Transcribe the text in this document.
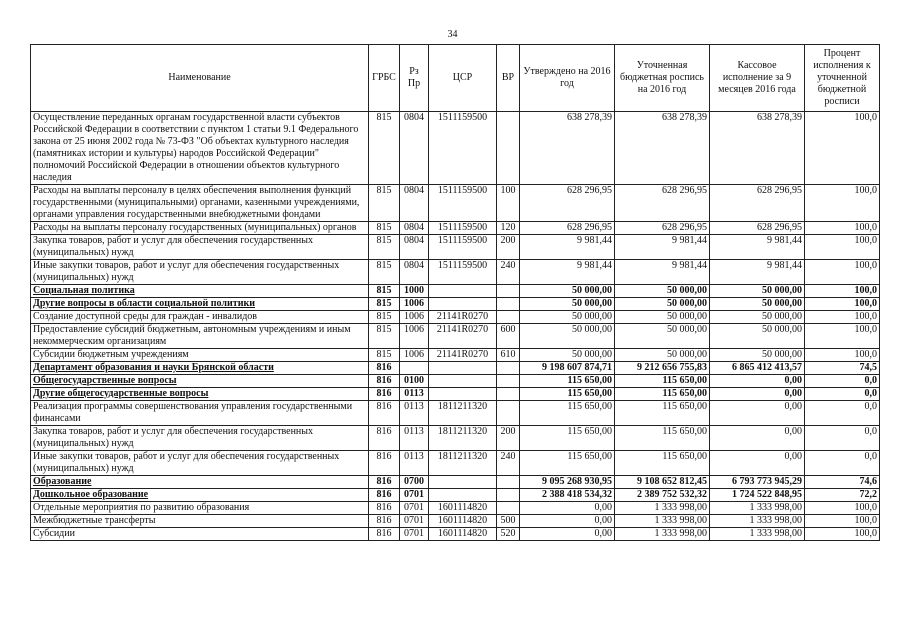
34
Наименование	ГРБС	Рз Пр	ЦСР	ВР	Утверждено на 2016 год	Уточненная бюджетная роспись на 2016 год	Кассовое исполнение за 9 месяцев 2016 года	Процент исполнения к уточненной бюджетной росписи
Осуществление переданных органам государственной власти субъектов Российской Федерации в соответствии с пунктом 1 статьи 9.1 Федерального закона от 25 июня 2002 года № 73-ФЗ "Об объектах культурного наследия (памятниках истории и культуры) народов Российской Федерации" полномочий Российской Федерации в отношении объектов культурного наследия	815	0804	1511159500		638 278,39	638 278,39	638 278,39	100,0
Расходы на выплаты персоналу в целях обеспечения выполнения функций государственными (муниципальными) органами, казенными учреждениями, органами управления государственными внебюджетными фондами	815	0804	1511159500	100	628 296,95	628 296,95	628 296,95	100,0
Расходы на выплаты персоналу государственных (муниципальных) органов	815	0804	1511159500	120	628 296,95	628 296,95	628 296,95	100,0
Закупка товаров, работ и услуг для обеспечения государственных (муниципальных) нужд	815	0804	1511159500	200	9 981,44	9 981,44	9 981,44	100,0
Иные закупки товаров, работ и услуг для обеспечения государственных (муниципальных) нужд	815	0804	1511159500	240	9 981,44	9 981,44	9 981,44	100,0
Социальная политика	815	1000			50 000,00	50 000,00	50 000,00	100,0
Другие вопросы в области социальной политики	815	1006			50 000,00	50 000,00	50 000,00	100,0
Создание доступной среды для граждан - инвалидов	815	1006	21141R0270		50 000,00	50 000,00	50 000,00	100,0
Предоставление субсидий бюджетным, автономным учреждениям и иным некоммерческим организациям	815	1006	21141R0270	600	50 000,00	50 000,00	50 000,00	100,0
Субсидии бюджетным учреждениям	815	1006	21141R0270	610	50 000,00	50 000,00	50 000,00	100,0
Департамент образования и науки Брянской области	816				9 198 607 874,71	9 212 656 755,83	6 865 412 413,57	74,5
Общегосударственные вопросы	816	0100			115 650,00	115 650,00	0,00	0,0
Другие общегосударственные вопросы	816	0113			115 650,00	115 650,00	0,00	0,0
Реализация программы совершенствования управления государственными финансами	816	0113	1811211320		115 650,00	115 650,00	0,00	0,0
Закупка товаров, работ и услуг для обеспечения государственных (муниципальных) нужд	816	0113	1811211320	200	115 650,00	115 650,00	0,00	0,0
Иные закупки товаров, работ и услуг для обеспечения государственных (муниципальных) нужд	816	0113	1811211320	240	115 650,00	115 650,00	0,00	0,0
Образование	816	0700			9 095 268 930,95	9 108 652 812,45	6 793 773 945,29	74,6
Дошкольное образование	816	0701			2 388 418 534,32	2 389 752 532,32	1 724 522 848,95	72,2
Отдельные мероприятия по развитию образования	816	0701	1601114820		0,00	1 333 998,00	1 333 998,00	100,0
Межбюджетные трансферты	816	0701	1601114820	500	0,00	1 333 998,00	1 333 998,00	100,0
Субсидии	816	0701	1601114820	520	0,00	1 333 998,00	1 333 998,00	100,0
